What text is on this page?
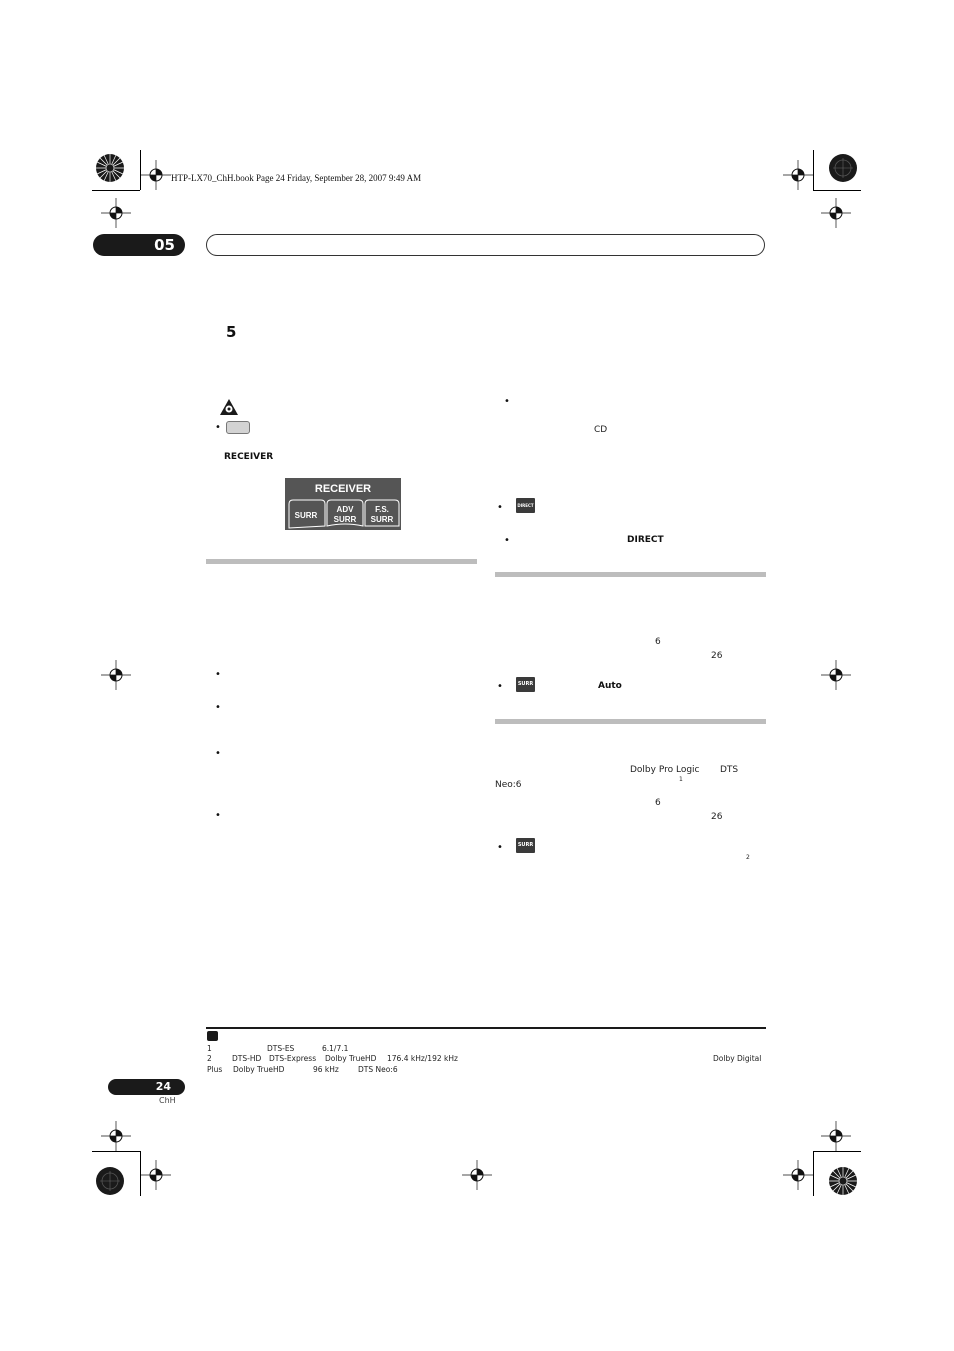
HTP-LX70_ChH.book Page 24 Friday, September 28, 2007 9:49 AM
05
5
•
RECEIVER
RECEIVER
SURR
ADV
SURR
F.S.
SURR
•
•
•
•
•
CD
•	DIRECT
•	DIRECT
6
26
•	SURR	Auto
Dolby Pro Logic DTS
Neo:6
1
6
26
•	SURR
2
1	DTS-ES	6.1/7.1
2	DTS-HD DTS-Express Dolby TrueHD 176.4 kHz/192 kHz	Dolby Digital
Plus Dolby TrueHD	96 kHz	DTS Neo:6
24
ChH
